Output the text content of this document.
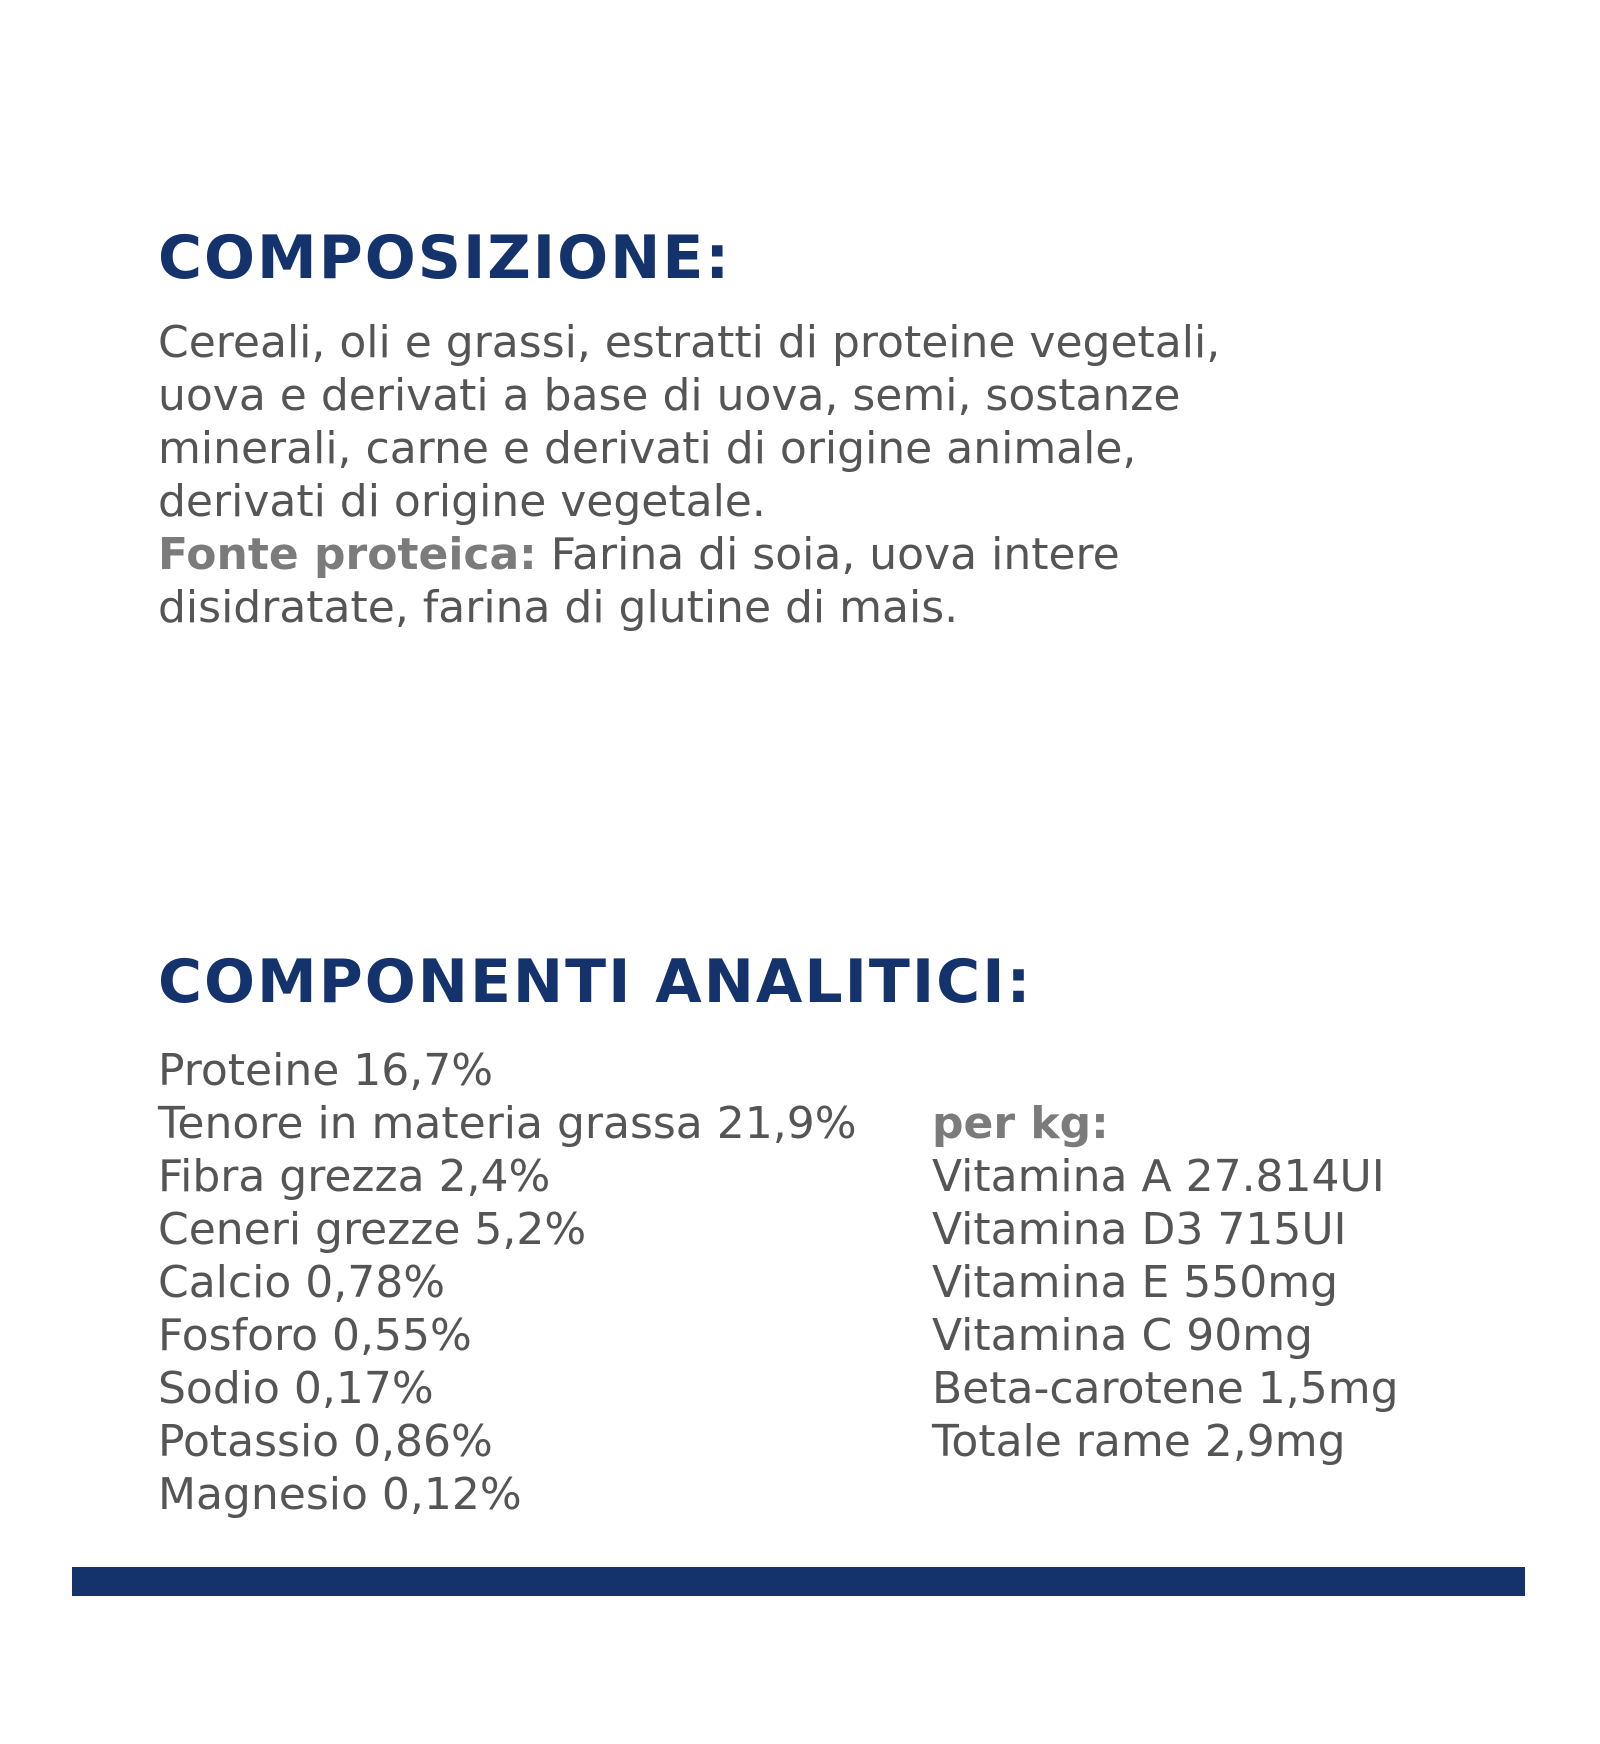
COMPOSIZIONE:

Cereali, oli e grassi, estratti di proteine vegetali,
uova e derivati a base di uova, semi, sostanze
minerali, carne e derivati di origine animale,
derivati di origine vegetale.
Fonte proteica: Farina di soia, uova intere
disidratate, farina di glutine di mais.

COMPONENTI ANALITICI:
Proteine 16,7%
Tenore in materia grassa 21,9%
Fibra grezza 2,4%
Ceneri grezze 5,2%
Calcio 0,78%
Fosforo 0,55%
Sodio 0,17%
Potassio 0,86%
Magnesio 0,12%
per kg:
Vitamina A 27.814UI
Vitamina D3 715UI
Vitamina E 550mg
Vitamina C 90mg
Beta-carotene 1,5mg
Totale rame 2,9mg
